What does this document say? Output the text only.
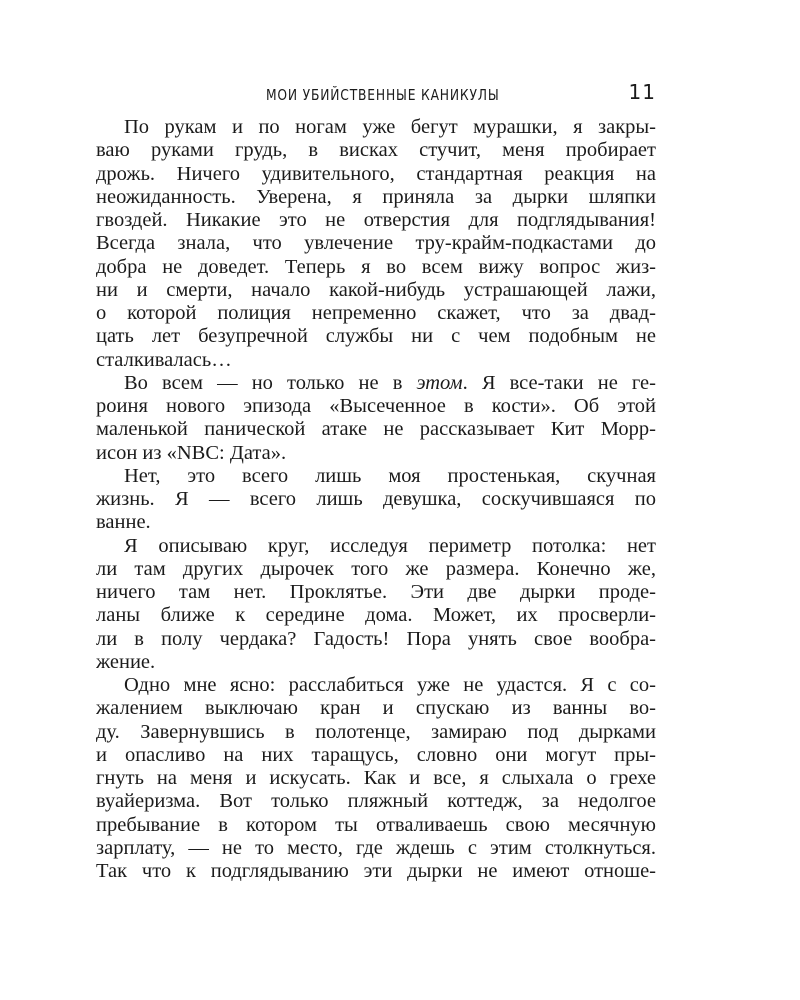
МОИ УБИЙСТВЕННЫЕ КАНИКУЛЫ	11
По рукам и по ногам уже бегут мурашки, я закры-
ваю руками грудь, в висках стучит, меня пробирает
дрожь. Ничего удивительного, стандартная реакция на
неожиданность. Уверена, я приняла за дырки шляпки
гвоздей. Никакие это не отверстия для подглядывания!
Всегда знала, что увлечение тру-крайм-подкастами до
добра не доведет. Теперь я во всем вижу вопрос жиз-
ни и смерти, начало какой-нибудь устрашающей лажи,
о которой полиция непременно скажет, что за двад-
цать лет безупречной службы ни с чем подобным не
сталкивалась…
Во всем — но только не в этом. Я все-таки не ге-
роиня нового эпизода «Высеченное в кости». Об этой
маленькой панической атаке не рассказывает Кит Морр-
исон из «NBC: Дата».
Нет, это всего лишь моя простенькая, скучная
жизнь. Я — всего лишь девушка, соскучившаяся по
ванне.
Я описываю круг, исследуя периметр потолка: нет
ли там других дырочек того же размера. Конечно же,
ничего там нет. Проклятье. Эти две дырки проде-
ланы ближе к середине дома. Может, их просверли-
ли в полу чердака? Гадость! Пора унять свое вообра-
жение.
Одно мне ясно: расслабиться уже не удастся. Я с со-
жалением выключаю кран и спускаю из ванны во-
ду. Завернувшись в полотенце, замираю под дырками
и опасливо на них таращусь, словно они могут пры-
гнуть на меня и искусать. Как и все, я слыхала о грехе
вуайеризма. Вот только пляжный коттедж, за недолгое
пребывание в котором ты отваливаешь свою месячную
зарплату, — не то место, где ждешь с этим столкнуться.
Так что к подглядыванию эти дырки не имеют отноше-
